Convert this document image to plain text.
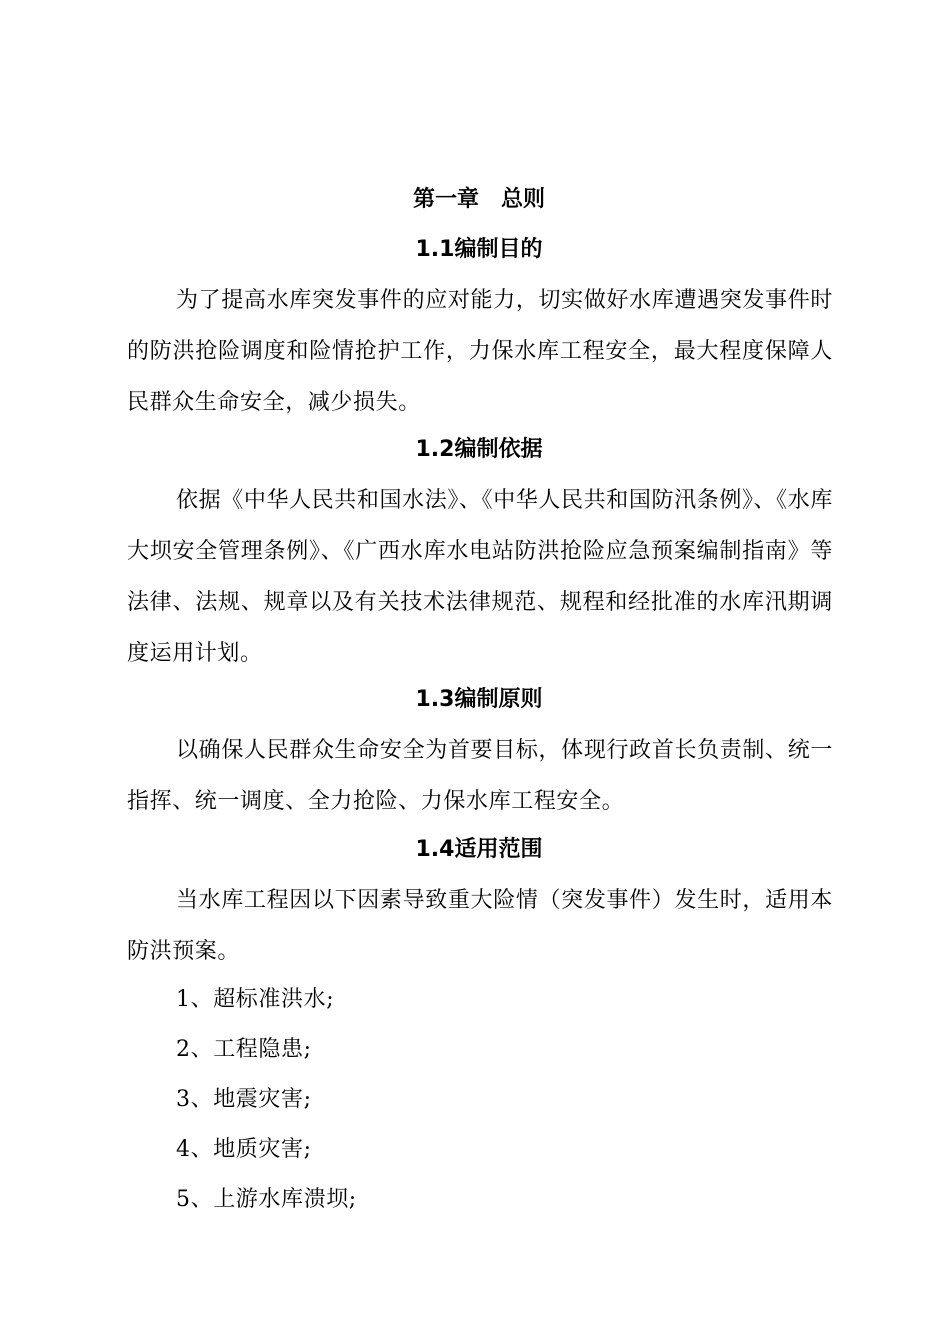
第一章　总则
1.1编制目的

为了提高水库突发事件的应对能力，切实做好水库遭遇突发事件时的防洪抢险调度和险情抢护工作，力保水库工程安全，最大程度保障人民群众生命安全，减少损失。

1.2编制依据

依据《中华人民共和国水法》、《中华人民共和国防汛条例》、《水库大坝安全管理条例》、《广西水库水电站防洪抢险应急预案编制指南》等法律、法规、规章以及有关技术法律规范、规程和经批准的水库汛期调度运用计划。

1.3编制原则

以确保人民群众生命安全为首要目标，体现行政首长负责制、统一指挥、统一调度、全力抢险、力保水库工程安全。

1.4适用范围

当水库工程因以下因素导致重大险情（突发事件）发生时，适用本防洪预案。

1、超标准洪水;

2、工程隐患;

3、地震灾害;

4、地质灾害;

5、上游水库溃坝;
